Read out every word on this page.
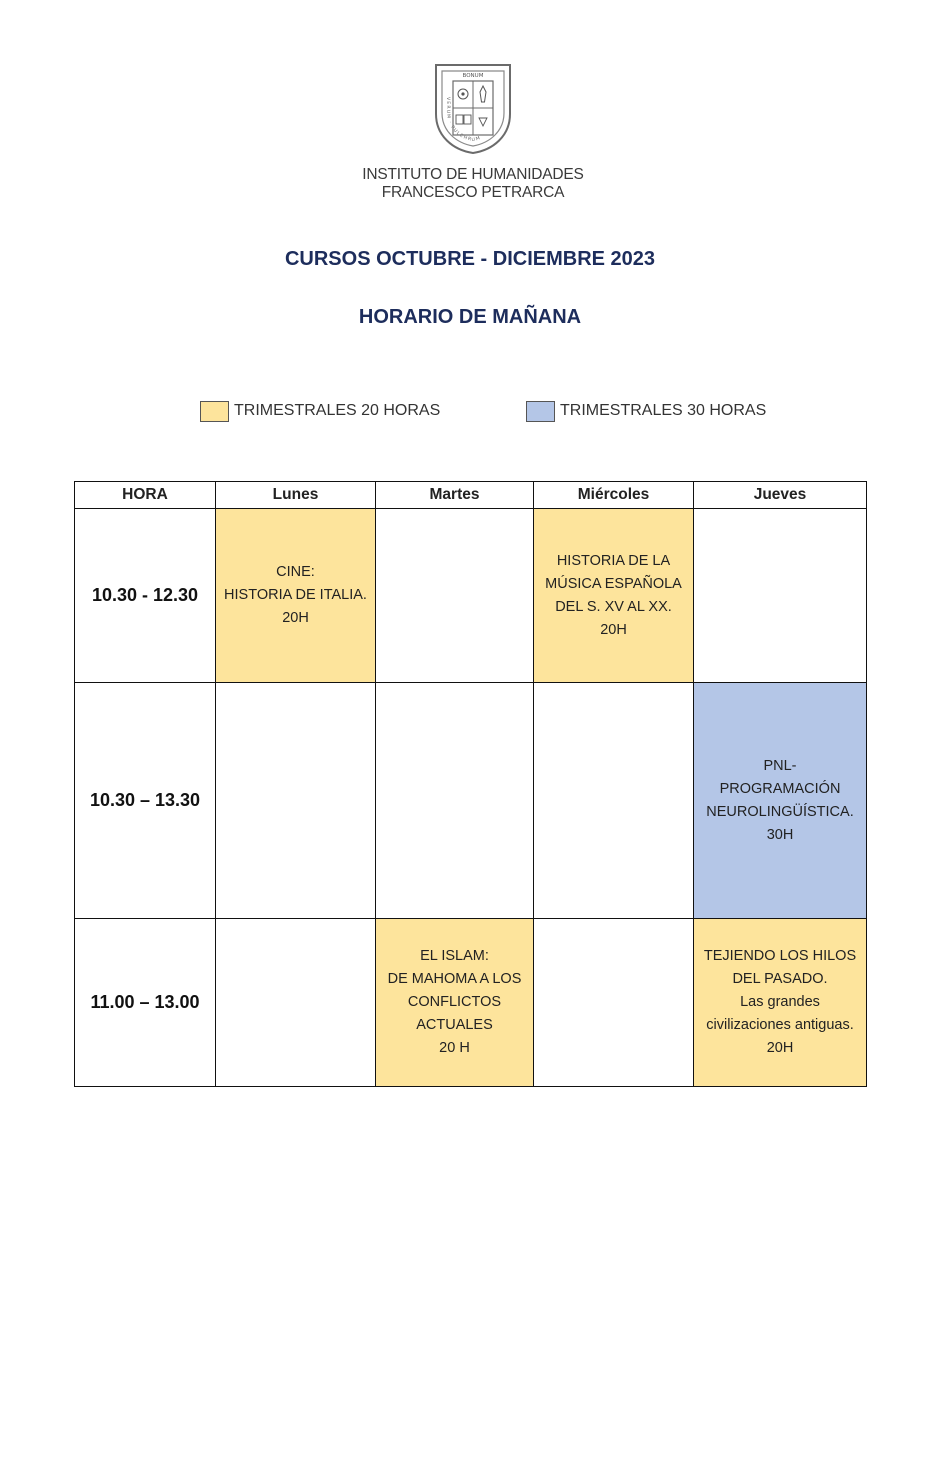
BONUM
VERUM · PULCHRUM
INSTITUTO DE HUMANIDADES
FRANCESCO PETRARCA
CURSOS OCTUBRE - DICIEMBRE 2023
HORARIO DE MAÑANA
TRIMESTRALES 20 HORAS	TRIMESTRALES 30 HORAS
HORA	Lunes	Martes	Miércoles	Jueves
10.30 - 12.30	CINE:
HISTORIA DE ITALIA.
20H		HISTORIA DE LA
MÚSICA ESPAÑOLA
DEL S. XV AL XX.
20H	

10.30 – 13.30				PNL-
PROGRAMACIÓN
NEUROLINGÜÍSTICA.
30H

11.00 – 13.00		EL ISLAM:
DE MAHOMA A LOS
CONFLICTOS
ACTUALES
20 H		TEJIENDO LOS HILOS
DEL PASADO.
Las grandes
civilizaciones antiguas.
20H
